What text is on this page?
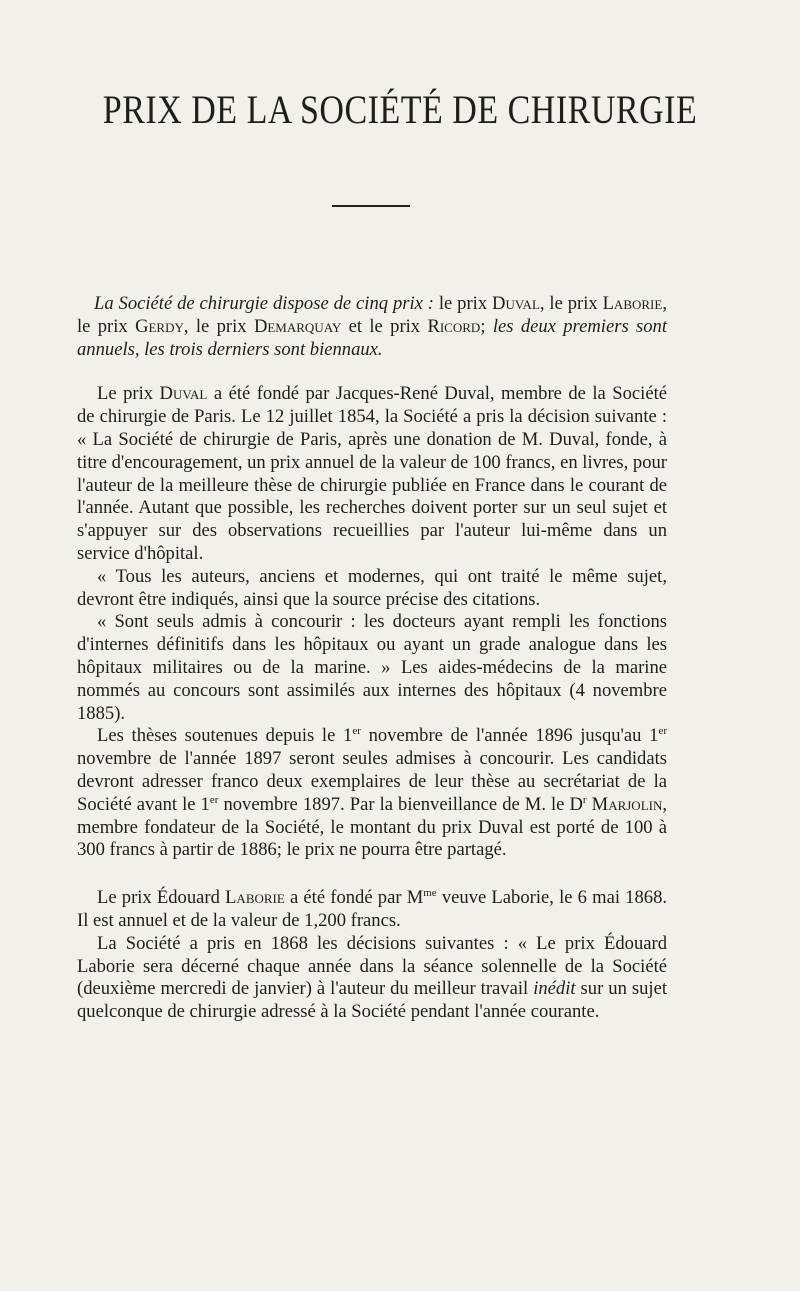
PRIX DE LA SOCIÉTÉ DE CHIRURGIE

La Société de chirurgie dispose de cinq prix : le prix Duval, le prix Laborie, le prix Gerdy, le prix Demarquay et le prix Ricord; les deux premiers sont annuels, les trois derniers sont biennaux.

Le prix Duval a été fondé par Jacques-René Duval, membre de la Société de chirurgie de Paris. Le 12 juillet 1854, la Société a pris la décision suivante : « La Société de chirurgie de Paris, après une donation de M. Duval, fonde, à titre d'encouragement, un prix annuel de la valeur de 100 francs, en livres, pour l'auteur de la meilleure thèse de chirurgie publiée en France dans le courant de l'année. Autant que possible, les recherches doivent porter sur un seul sujet et s'appuyer sur des observations recueillies par l'auteur lui-même dans un service d'hôpital.

« Tous les auteurs, anciens et modernes, qui ont traité le même sujet, devront être indiqués, ainsi que la source précise des citations.

« Sont seuls admis à concourir : les docteurs ayant rempli les fonctions d'internes définitifs dans les hôpitaux ou ayant un grade analogue dans les hôpitaux militaires ou de la marine. » Les aides-médecins de la marine nommés au concours sont assimilés aux internes des hôpitaux (4 novembre 1885).

Les thèses soutenues depuis le 1er novembre de l'année 1896 jusqu'au 1er novembre de l'année 1897 seront seules admises à concourir. Les candidats devront adresser franco deux exemplaires de leur thèse au secrétariat de la Société avant le 1er novembre 1897. Par la bienveillance de M. le $D^r$ Marjolin, membre fondateur de la Société, le montant du prix Duval est porté de 100 à 300 francs à partir de 1886; le prix ne pourra être partagé.

Le prix Édouard Laborie a été fondé par $M^{me}$ veuve Laborie, le 6 mai 1868. Il est annuel et de la valeur de 1,200 francs.

La Société a pris en 1868 les décisions suivantes : « Le prix Édouard Laborie sera décerné chaque année dans la séance solennelle de la Société (deuxième mercredi de janvier) à l'auteur du meilleur travail inédit sur un sujet quelconque de chirurgie adressé à la Société pendant l'année courante.
